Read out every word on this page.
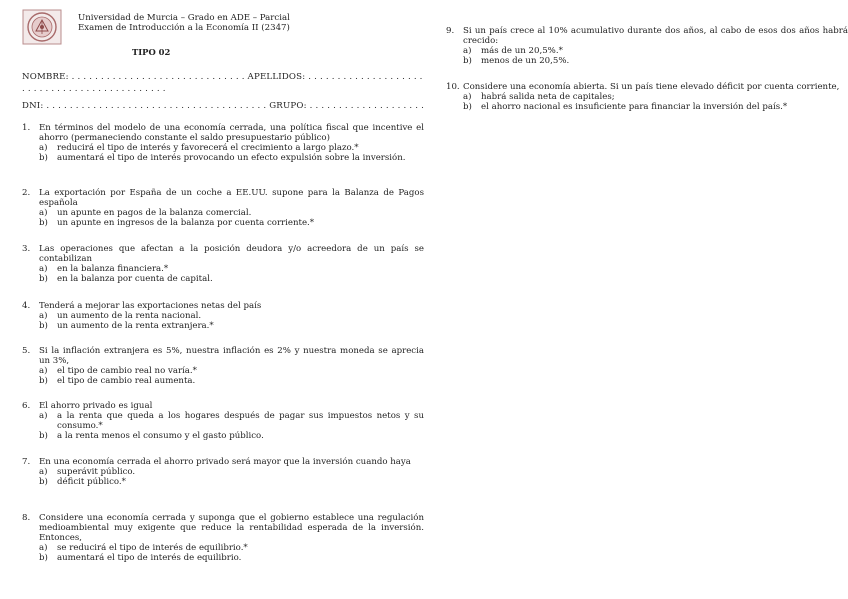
Universidad de Murcia – Grado en ADE – Parcial
Examen de Introducción a la Economía II (2347)
TIPO 02
NOMBRE: . . . . . . . . . . . . . . . . . . . . . . . . . . . . . . APELLIDOS: . . . . . . . . . . . . . . . . . . . .
. . . . . . . . . . . . . . . . . . . . . . . . .
DNI: . . . . . . . . . . . . . . . . . . . . . . . . . . . . . . . . . . . . . . GRUPO: . . . . . . . . . . . . . . . . . . . .
1. En términos del modelo de una economía cerrada, una política fiscal que incentive el ahorro (permaneciendo constante el saldo presupuestario público)
a) reducirá el tipo de interés y favorecerá el crecimiento a largo plazo.*
b) aumentará el tipo de interés provocando un efecto expulsión sobre la inversión.
2. La exportación por España de un coche a EE.UU. supone para la Balanza de Pagos española
a) un apunte en pagos de la balanza comercial.
b) un apunte en ingresos de la balanza por cuenta corriente.*
3. Las operaciones que afectan a la posición deudora y/o acreedora de un país se contabilizan
a) en la balanza financiera.*
b) en la balanza por cuenta de capital.
4. Tenderá a mejorar las exportaciones netas del país
a) un aumento de la renta nacional.
b) un aumento de la renta extranjera.*
5. Si la inflación extranjera es 5%, nuestra inflación es 2% y nuestra moneda se aprecia un 3%,
a) el tipo de cambio real no varía.*
b) el tipo de cambio real aumenta.
6. El ahorro privado es igual
a) a la renta que queda a los hogares después de pagar sus impuestos netos y su consumo.*
b) a la renta menos el consumo y el gasto público.
7. En una economía cerrada el ahorro privado será mayor que la inversión cuando haya
a) superávit público.
b) déficit público.*
8. Considere una economía cerrada y suponga que el gobierno establece una regulación medioambiental muy exigente que reduce la rentabilidad esperada de la inversión. Entonces,
a) se reducirá el tipo de interés de equilibrio.*
b) aumentará el tipo de interés de equilibrio.
9. Si un país crece al 10% acumulativo durante dos años, al cabo de esos dos años habrá crecido:
a) más de un 20,5%.*
b) menos de un 20,5%.
10. Considere una economía abierta. Si un país tiene elevado déficit por cuenta corriente,
a) habrá salida neta de capitales;
b) el ahorro nacional es insuficiente para financiar la inversión del país.*
